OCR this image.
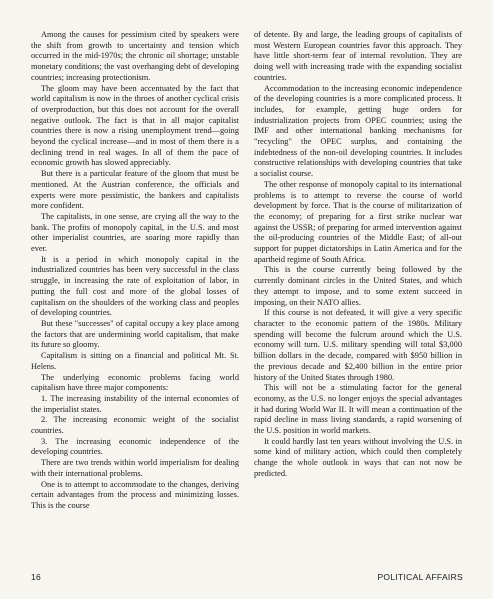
Among the causes for pessimism cited by speakers were the shift from growth to uncertainty and tension which occurred in the mid-1970s; the chronic oil shortage; unstable monetary conditions; the vast overhanging debt of developing countries; increasing protectionism.

The gloom may have been accentuated by the fact that world capitalism is now in the throes of another cyclical crisis of overproduction, but this does not account for the overall negative outlook. The fact is that in all major capitalist countries there is now a rising unemployment trend—going beyond the cyclical increase—and in most of them there is a declining trend in real wages. In all of them the pace of economic growth has slowed appreciably.

But there is a particular feature of the gloom that must be mentioned. At the Austrian conference, the officials and experts were more pessimistic, the bankers and capitalists more confident.

The capitalists, in one sense, are crying all the way to the bank. The profits of monopoly capital, in the U.S. and most other imperialist countries, are soaring more rapidly than ever.

It is a period in which monopoly capital in the industrialized countries has been very successful in the class struggle, in increasing the rate of exploitation of labor, in putting the full cost and more of the global losses of capitalism on the shoulders of the working class and peoples of developing countries.

But these "successes" of capital occupy a key place among the factors that are undermining world capitalism, that make its future so gloomy.

Capitalism is sitting on a financial and political Mt. St. Helens.

The underlying economic problems facing world capitalism have three major components:

1. The increasing instability of the internal economies of the imperialist states.

2. The increasing economic weight of the socialist countries.

3. The increasing economic independence of the developing countries.

There are two trends within world imperialism for dealing with their international problems.

One is to attempt to accommodate to the changes, deriving certain advantages from the process and minimizing losses. This is the course

of detente. By and large, the leading groups of capitalists of most Western European countries favor this approach. They have little short-term fear of internal revolution. They are doing well with increasing trade with the expanding socialist countries.

Accommodation to the increasing economic independence of the developing countries is a more complicated process. It includes, for example, getting huge orders for industrialization projects from OPEC countries; using the IMF and other international banking mechanisms for "recycling" the OPEC surplus, and containing the indebtedness of the non-oil developing countries. It includes constructive relationships with developing countries that take a socialist course.

The other response of monopoly capital to its international problems is to attempt to reverse the course of world development by force. That is the course of militarization of the economy; of preparing for a first strike nuclear war against the USSR; of preparing for armed intervention against the oil-producing countries of the Middle East; of all-out support for puppet dictatorships in Latin America and for the apartheid regime of South Africa.

This is the course currently being followed by the currently dominant circles in the United States, and which they attempt to impose, and to some extent succeed in imposing, on their NATO allies.

If this course is not defeated, it will give a very specific character to the economic pattern of the 1980s. Military spending will become the fulcrum around which the U.S. economy will turn. U.S. military spending will total $3,000 billion dollars in the decade, compared with $950 billion in the previous decade and $2,400 billion in the entire prior history of the United States through 1980.

This will not be a stimulating factor for the general economy, as the U.S. no longer enjoys the special advantages it had during World War II. It will mean a continuation of the rapid decline in mass living standards, a rapid worsening of the U.S. position in world markets.

It could hardly last ten years without involving the U.S. in some kind of military action, which could then completely change the whole outlook in ways that can not now be predicted.

16	POLITICAL AFFAIRS
